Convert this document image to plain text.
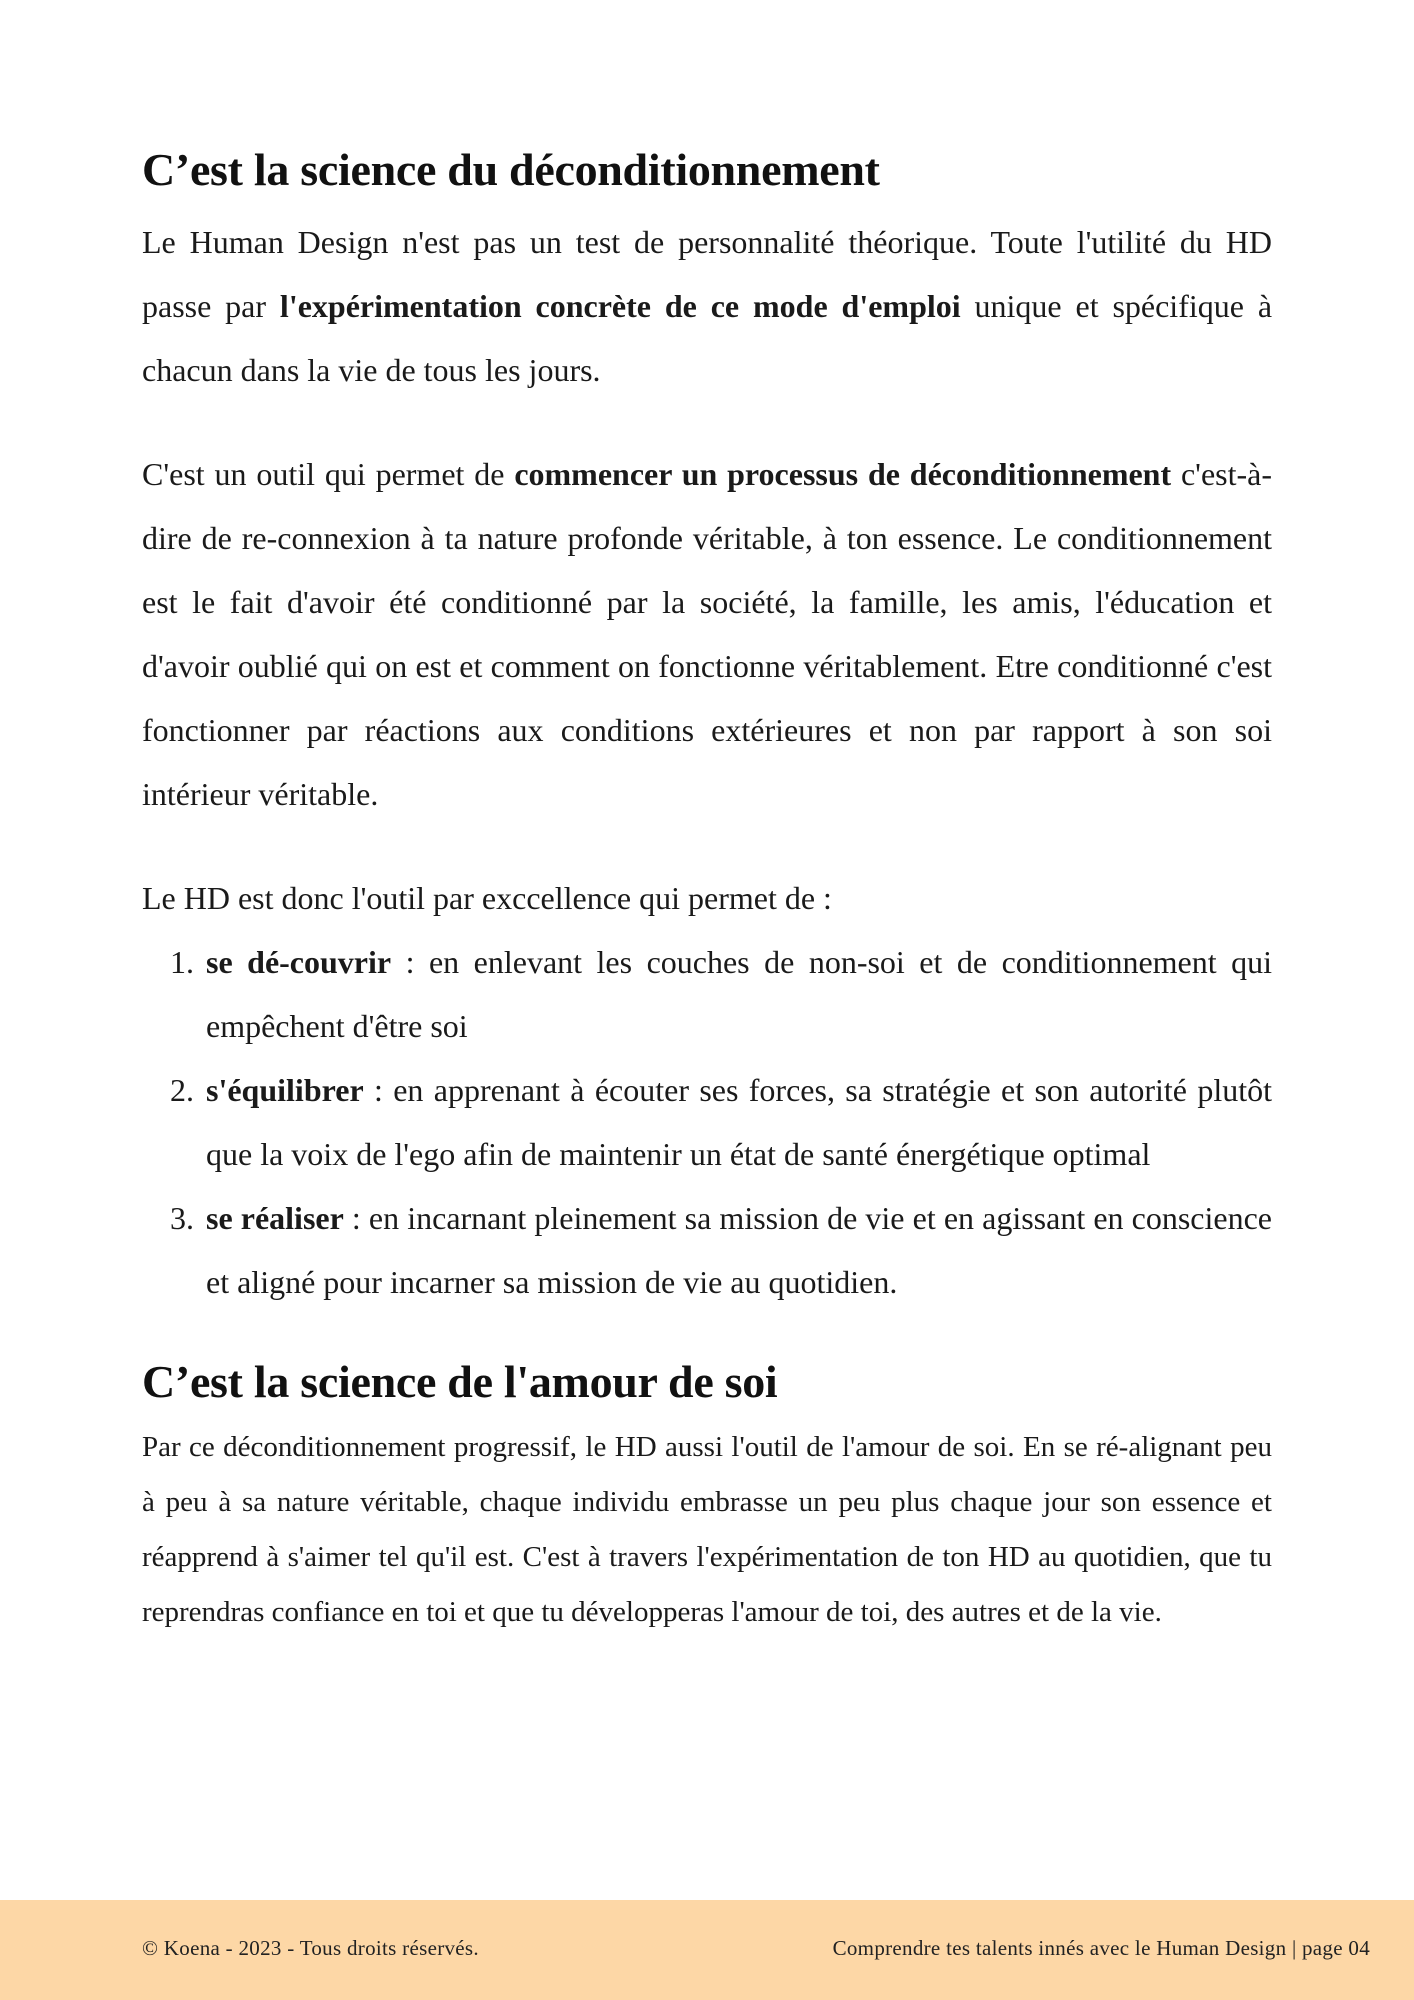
C’est la science du déconditionnement

Le Human Design n'est pas un test de personnalité théorique. Toute l'utilité du HD passe par l'expérimentation concrète de ce mode d'emploi unique et spécifique à chacun dans la vie de tous les jours.

C'est un outil qui permet de commencer un processus de déconditionnement c'est-à-dire de re-connexion à ta nature profonde véritable, à ton essence. Le conditionnement est le fait d'avoir été conditionné par la société, la famille, les amis, l'éducation et d'avoir oublié qui on est et comment on fonctionne véritablement. Etre conditionné c'est fonctionner par réactions aux conditions extérieures et non par rapport à son soi intérieur véritable.

Le HD est donc l'outil par exccellence qui permet de :

1. se dé-couvrir : en enlevant les couches de non-soi et de conditionnement qui empêchent d'être soi
2. s'équilibrer : en apprenant à écouter ses forces, sa stratégie et son autorité plutôt que la voix de l'ego afin de maintenir un état de santé énergétique optimal
3. se réaliser : en incarnant pleinement sa mission de vie et en agissant en conscience et aligné pour incarner sa mission de vie au quotidien.
C’est la science de l'amour de soi

Par ce déconditionnement progressif, le HD aussi l'outil de l'amour de soi. En se ré-alignant peu à peu à sa nature véritable, chaque individu embrasse un peu plus chaque jour son essence et réapprend à s'aimer tel qu'il est. C'est à travers l'expérimentation de ton HD au quotidien, que tu reprendras confiance en toi et que tu développeras l'amour de toi, des autres et de la vie.

© Koena - 2023 - Tous droits réservés.	Comprendre tes talents innés avec le Human Design | page 04
